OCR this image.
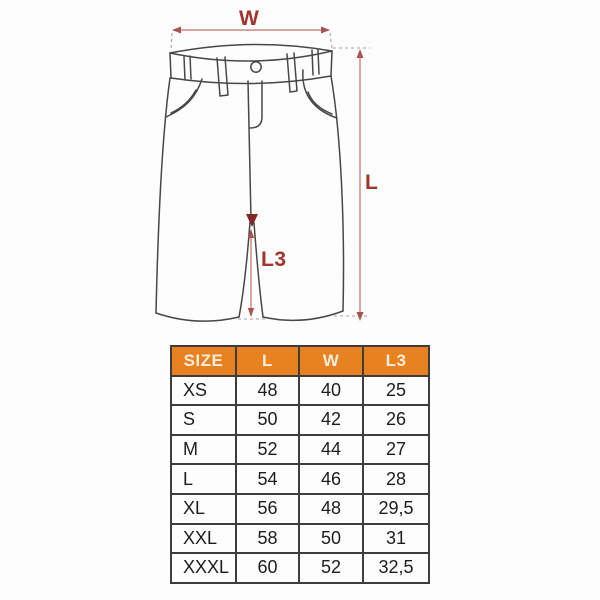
W
L
L3
SIZE	L	W	L3
XS	48	40	25
S	50	42	26
M	52	44	27
L	54	46	28
XL	56	48	29,5
XXL	58	50	31
XXXL	60	52	32,5
